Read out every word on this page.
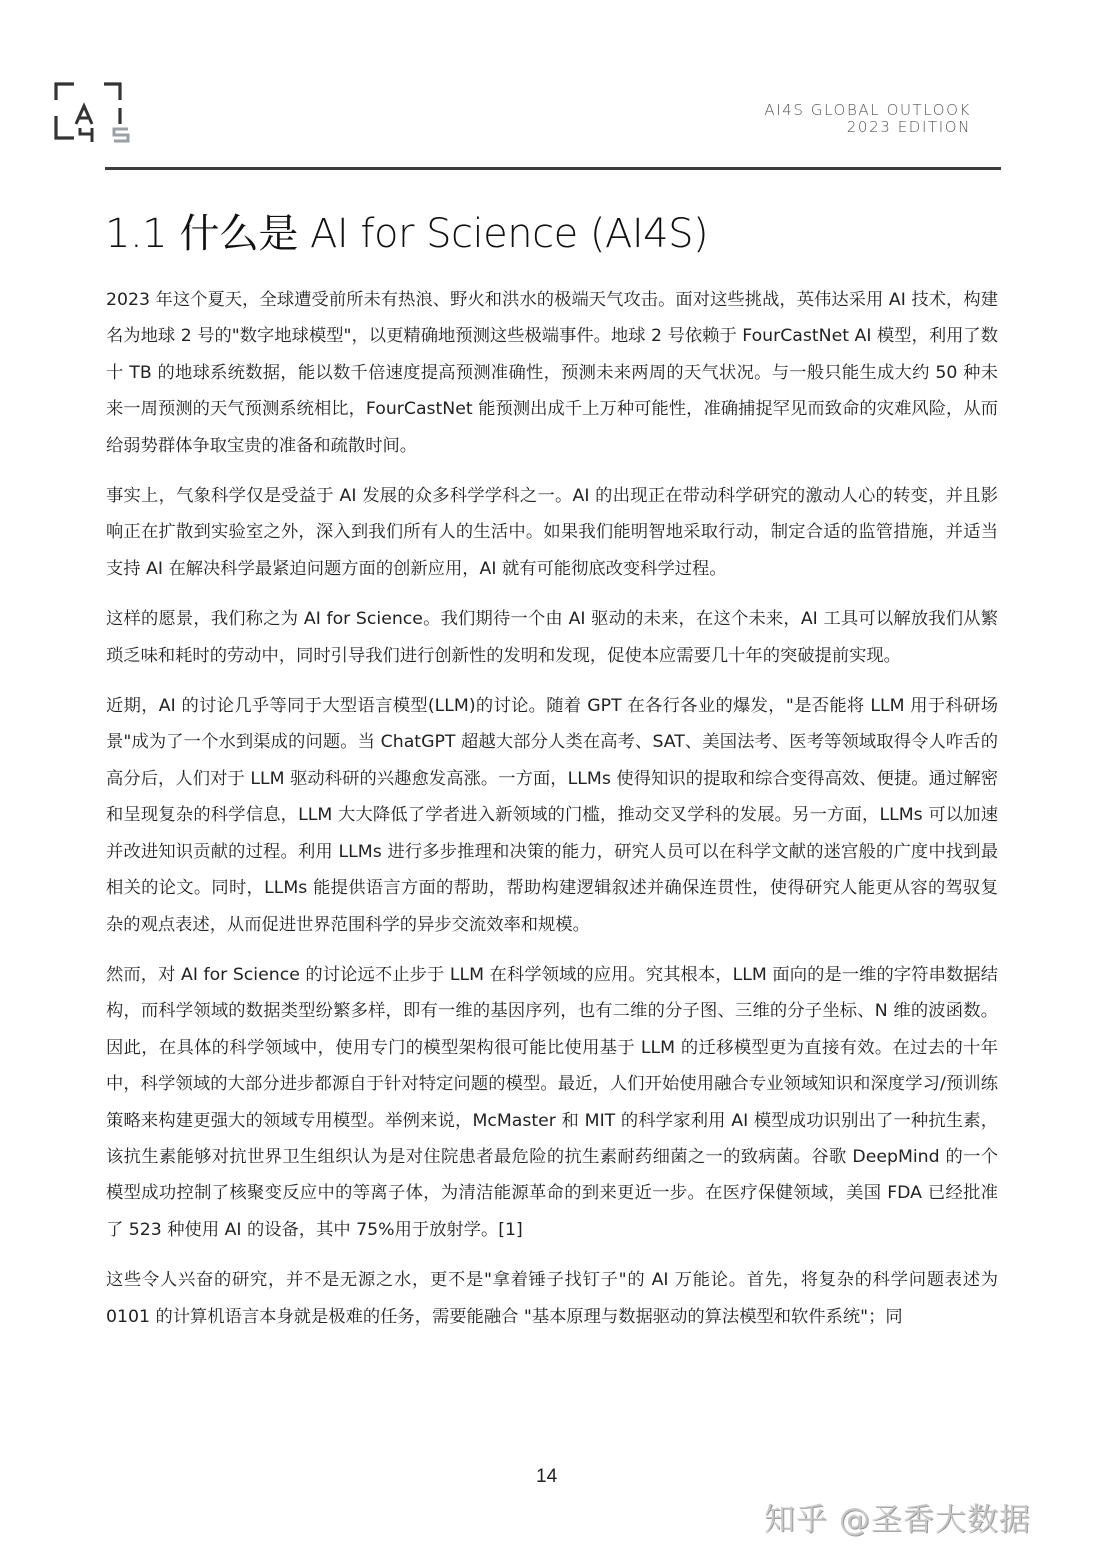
AI4S GLOBAL OUTLOOK
2023 EDITION
1.1 什么是 AI for Science (AI4S)

2023 年这个夏天，全球遭受前所未有热浪、野火和洪水的极端天气攻击。面对这些挑战，英伟达采用 AI 技术，构建名为地球 2 号的"数字地球模型"，以更精确地预测这些极端事件。地球 2 号依赖于 FourCastNet AI 模型，利用了数十 TB 的地球系统数据，能以数千倍速度提高预测准确性，预测未来两周的天气状况。与一般只能生成大约 50 种未来一周预测的天气预测系统相比，FourCastNet 能预测出成千上万种可能性，准确捕捉罕见而致命的灾难风险，从而给弱势群体争取宝贵的准备和疏散时间。

事实上，气象科学仅是受益于 AI 发展的众多科学学科之一。AI 的出现正在带动科学研究的激动人心的转变，并且影响正在扩散到实验室之外，深入到我们所有人的生活中。如果我们能明智地采取行动，制定合适的监管措施，并适当支持 AI 在解决科学最紧迫问题方面的创新应用，AI 就有可能彻底改变科学过程。

这样的愿景，我们称之为 AI for Science。我们期待一个由 AI 驱动的未来，在这个未来，AI 工具可以解放我们从繁琐乏味和耗时的劳动中，同时引导我们进行创新性的发明和发现，促使本应需要几十年的突破提前实现。

近期，AI 的讨论几乎等同于大型语言模型(LLM)的讨论。随着 GPT 在各行各业的爆发，"是否能将 LLM 用于科研场景"成为了一个水到渠成的问题。当 ChatGPT 超越大部分人类在高考、SAT、美国法考、医考等领域取得令人咋舌的高分后，人们对于 LLM 驱动科研的兴趣愈发高涨。一方面，LLMs 使得知识的提取和综合变得高效、便捷。通过解密和呈现复杂的科学信息，LLM 大大降低了学者进入新领域的门槛，推动交叉学科的发展。另一方面，LLMs 可以加速并改进知识贡献的过程。利用 LLMs 进行多步推理和决策的能力，研究人员可以在科学文献的迷宫般的广度中找到最相关的论文。同时，LLMs 能提供语言方面的帮助，帮助构建逻辑叙述并确保连贯性，使得研究人能更从容的驾驭复杂的观点表述，从而促进世界范围科学的异步交流效率和规模。

然而，对 AI for Science 的讨论远不止步于 LLM 在科学领域的应用。究其根本，LLM 面向的是一维的字符串数据结构，而科学领域的数据类型纷繁多样，即有一维的基因序列，也有二维的分子图、三维的分子坐标、N 维的波函数。因此，在具体的科学领域中，使用专门的模型架构很可能比使用基于 LLM 的迁移模型更为直接有效。在过去的十年中，科学领域的大部分进步都源自于针对特定问题的模型。最近，人们开始使用融合专业领域知识和深度学习/预训练策略来构建更强大的领域专用模型。举例来说，McMaster 和 MIT 的科学家利用 AI 模型成功识别出了一种抗生素，该抗生素能够对抗世界卫生组织认为是对住院患者最危险的抗生素耐药细菌之一的致病菌。谷歌 DeepMind 的一个模型成功控制了核聚变反应中的等离子体，为清洁能源革命的到来更近一步。在医疗保健领域，美国 FDA 已经批准了 523 种使用 AI 的设备，其中 75%用于放射学。[1]

这些令人兴奋的研究，并不是无源之水，更不是"拿着锤子找钉子"的 AI 万能论。首先，将复杂的科学问题表述为 0101 的计算机语言本身就是极难的任务，需要能融合 "基本原理与数据驱动的算法模型和软件系统"；同

14
知乎 @圣香大数据
